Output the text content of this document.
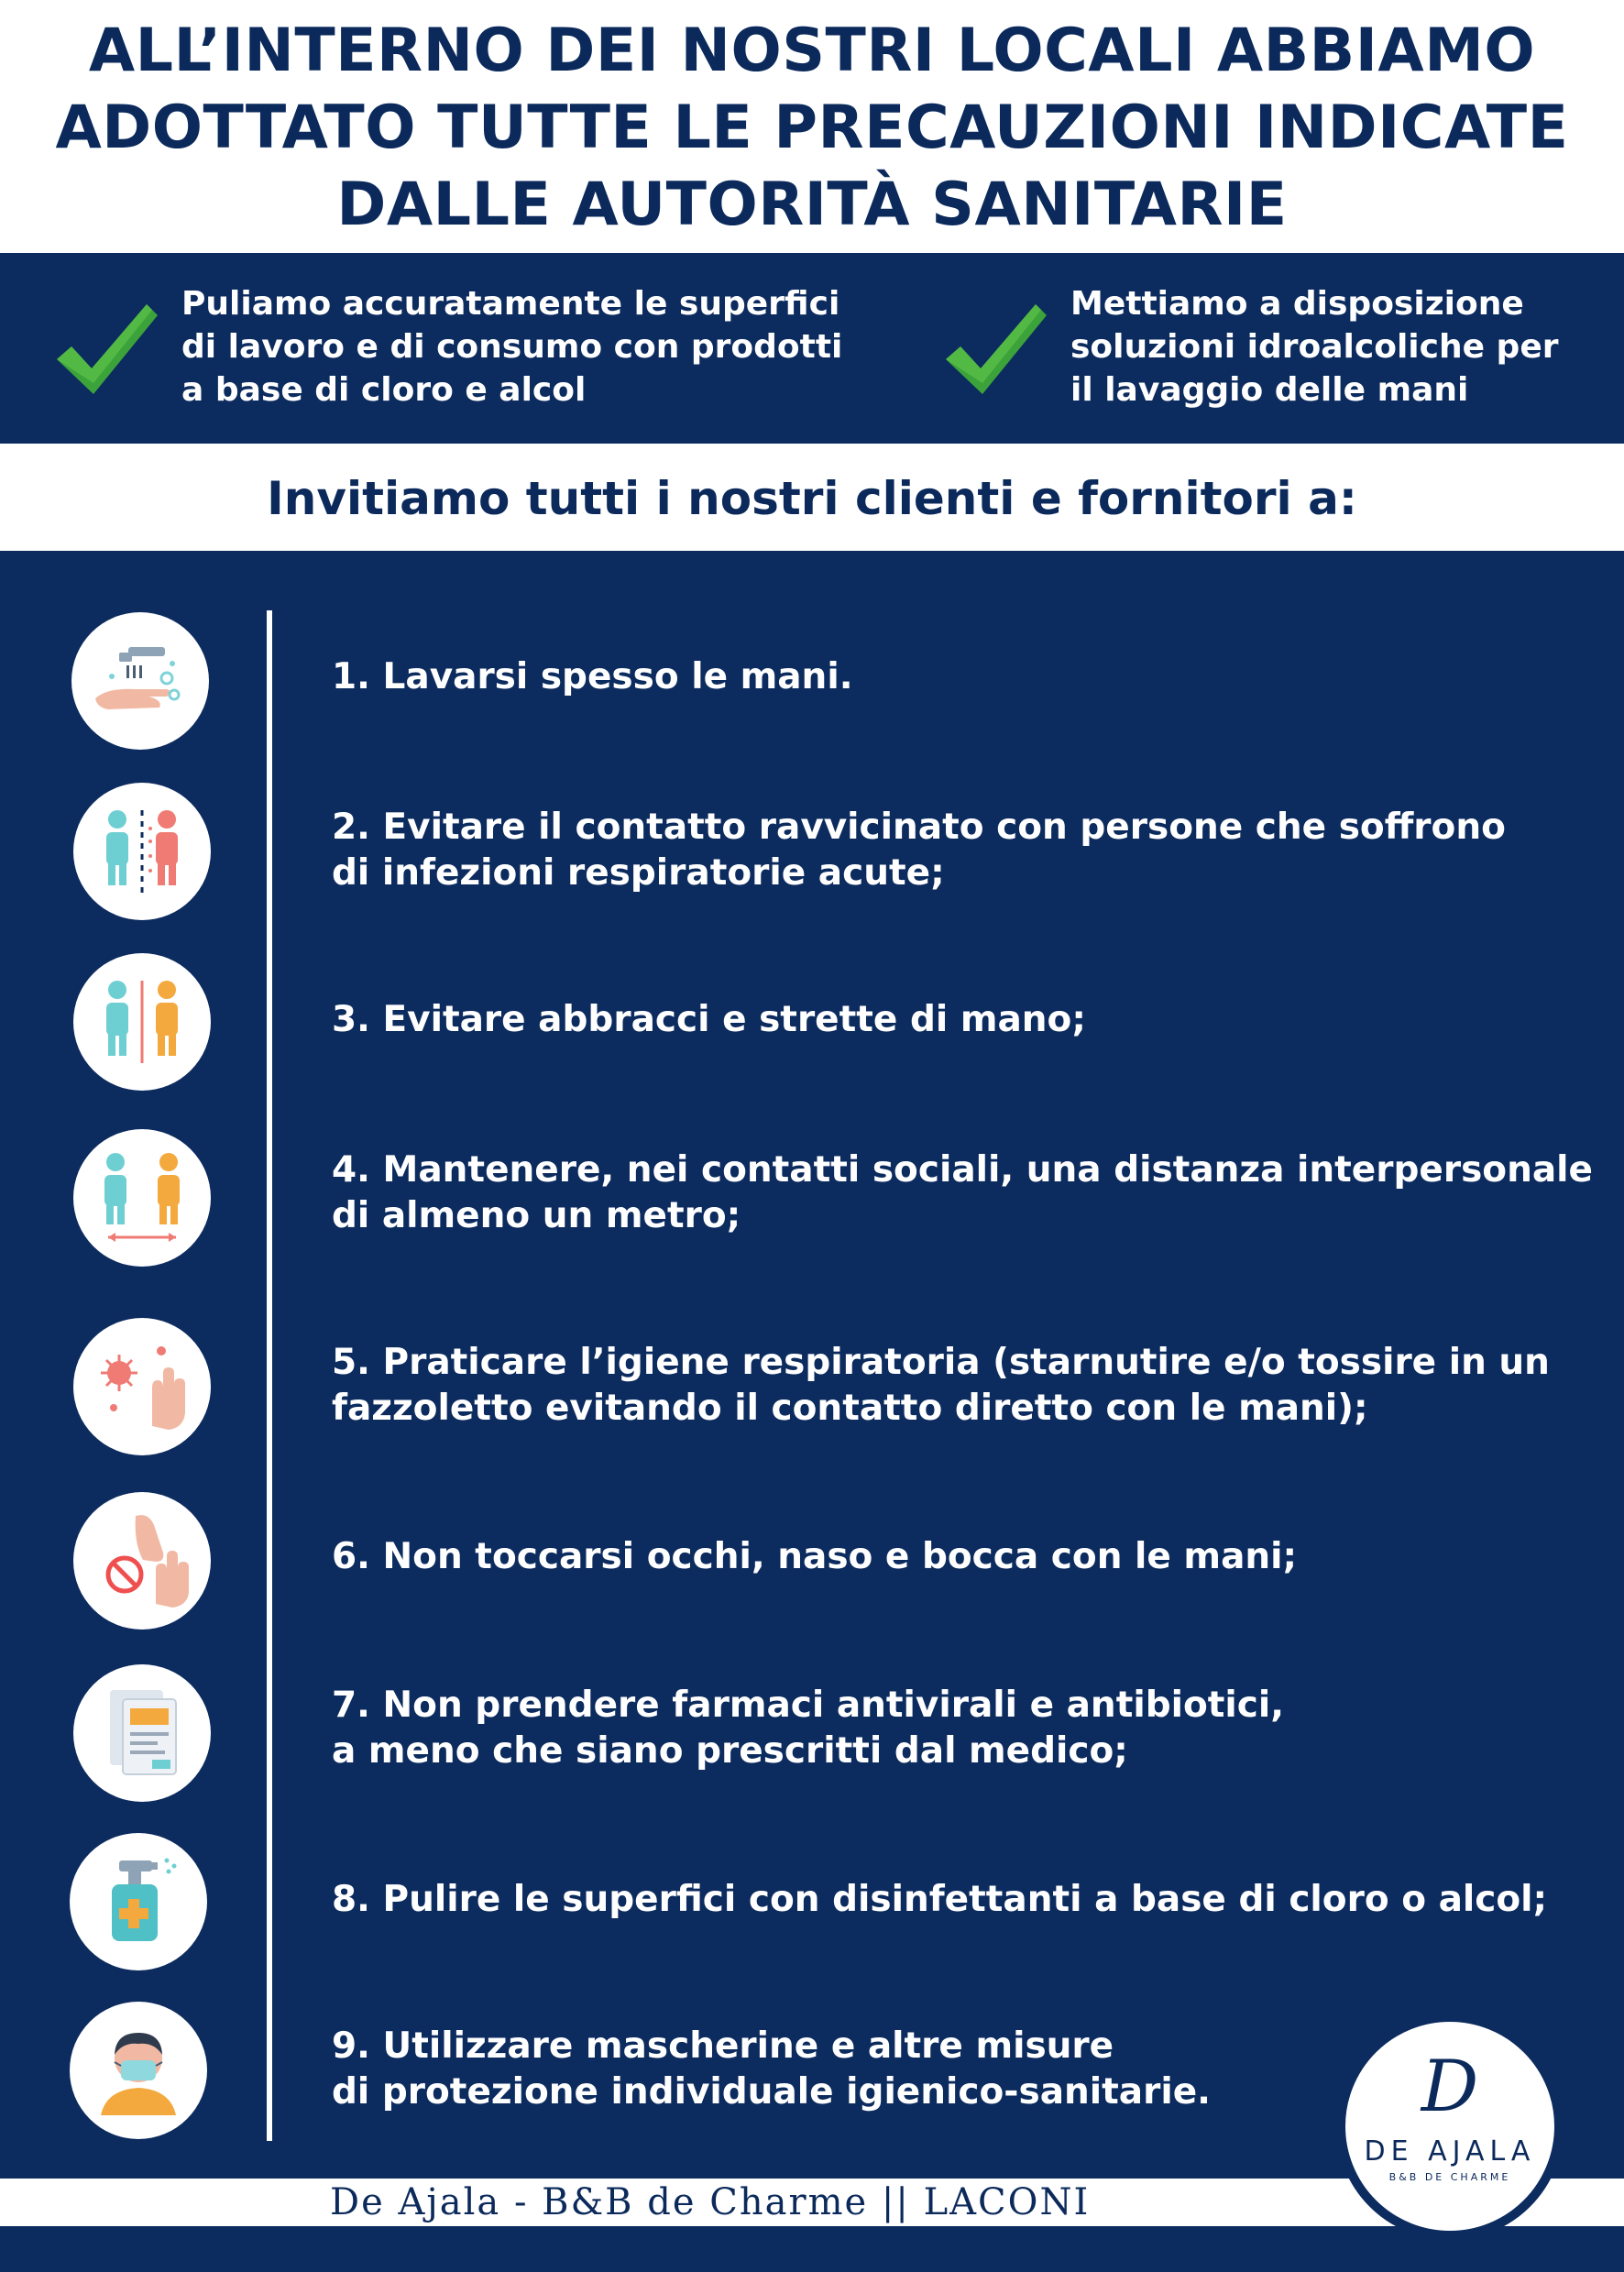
ALL’INTERNO DEI NOSTRI LOCALI ABBIAMO
ADOTTATO TUTTE LE PRECAUZIONI INDICATE
DALLE AUTORITÀ SANITARIE
Puliamo accuratamente le superfici
di lavoro e di consumo con prodotti
a base di cloro e alcol
Mettiamo a disposizione
soluzioni idroalcoliche per
il lavaggio delle mani
Invitiamo tutti i nostri clienti e fornitori a:
1. Lavarsi spesso le mani.
2. Evitare il contatto ravvicinato con persone che soffrono
di infezioni respiratorie acute;
3. Evitare abbracci e strette di mano;
4. Mantenere, nei contatti sociali, una distanza interpersonale
di almeno un metro;
5. Praticare l’igiene respiratoria (starnutire e/o tossire in un
fazzoletto evitando il contatto diretto con le mani);
6. Non toccarsi occhi, naso e bocca con le mani;
7. Non prendere farmaci antivirali e antibiotici,
a meno che siano prescritti dal medico;
8. Pulire le superfici con disinfettanti a base di cloro o alcol;
9. Utilizzare mascherine e altre misure
di protezione individuale igienico-sanitarie.
De Ajala - B&B de Charme || LACONI
D
DE AJALA
B&B DE CHARME
